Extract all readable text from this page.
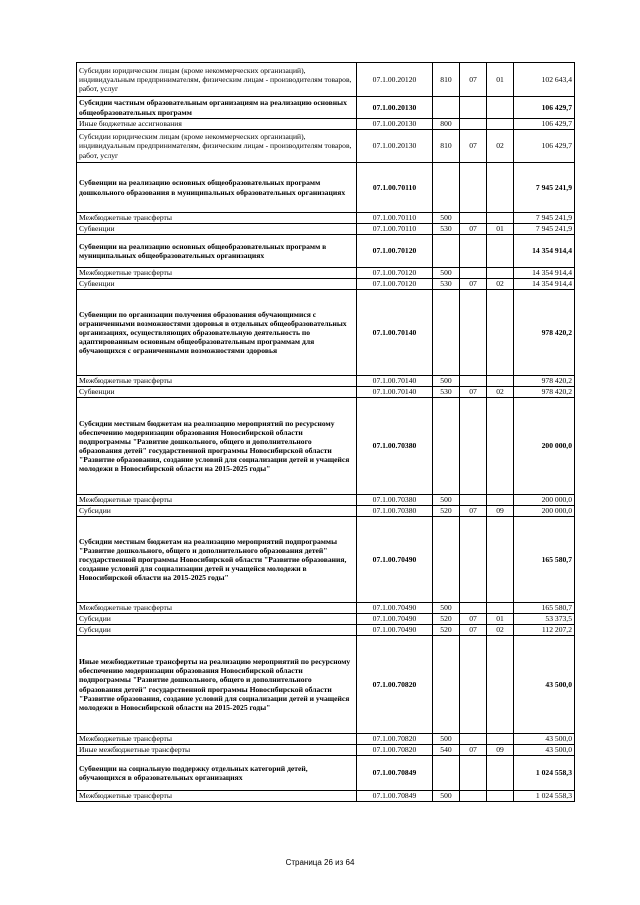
Субсидии юридическим лицам (кроме некоммерческих организаций), индивидуальным предпринимателям, физическим лицам - производителям товаров, работ, услуг	07.1.00.20120	810	07	01	102 643,4
Субсидии частным образовательным организациям на реализацию основных общеобразовательных программ	07.1.00.20130				106 429,7
Иные бюджетные ассигнования	07.1.00.20130	800			106 429,7
Субсидии юридическим лицам (кроме некоммерческих организаций), индивидуальным предпринимателям, физическим лицам - производителям товаров, работ, услуг	07.1.00.20130	810	07	02	106 429,7
Субвенции на реализацию основных общеобразовательных программ дошкольного образования в муниципальных образовательных организациях	07.1.00.70110				7 945 241,9
Межбюджетные трансферты	07.1.00.70110	500			7 945 241,9
Субвенции	07.1.00.70110	530	07	01	7 945 241,9
Субвенции на реализацию основных общеобразовательных программ в муниципальных общеобразовательных организациях	07.1.00.70120				14 354 914,4
Межбюджетные трансферты	07.1.00.70120	500			14 354 914,4
Субвенции	07.1.00.70120	530	07	02	14 354 914,4
Субвенции по организации получения образования обучающимися с ограниченными возможностями здоровья в отдельных общеобразовательных организациях, осуществляющих образовательную деятельность по адаптированным основным общеобразовательным программам для обучающихся с ограниченными возможностями здоровья	07.1.00.70140				978 420,2
Межбюджетные трансферты	07.1.00.70140	500			978 420,2
Субвенции	07.1.00.70140	530	07	02	978 420,2
Субсидии местным бюджетам на реализацию мероприятий по ресурсному обеспечению модернизации образования Новосибирской области подпрограммы "Развитие дошкольного, общего и дополнительного образования детей" государственной программы Новосибирской области "Развитие образования, создание условий для социализации детей и учащейся молодежи в Новосибирской области на 2015-2025 годы"	07.1.00.70380				200 000,0
Межбюджетные трансферты	07.1.00.70380	500			200 000,0
Субсидии	07.1.00.70380	520	07	09	200 000,0
Субсидии местным бюджетам на реализацию мероприятий подпрограммы "Развитие дошкольного, общего и дополнительного образования детей" государственной программы Новосибирской области "Развитие образования, создание условий для социализации детей и учащейся молодежи в Новосибирской области на 2015-2025 годы"	07.1.00.70490				165 580,7
Межбюджетные трансферты	07.1.00.70490	500			165 580,7
Субсидии	07.1.00.70490	520	07	01	53 373,5
Субсидии	07.1.00.70490	520	07	02	112 207,2
Иные межбюджетные трансферты на реализацию мероприятий по ресурсному обеспечению модернизации образования Новосибирской области подпрограммы "Развитие дошкольного, общего и дополнительного образования детей" государственной программы Новосибирской области "Развитие образования, создание условий для социализации детей и учащейся молодежи в Новосибирской области на 2015-2025 годы"	07.1.00.70820				43 500,0
Межбюджетные трансферты	07.1.00.70820	500			43 500,0
Иные межбюджетные трансферты	07.1.00.70820	540	07	09	43 500,0
Субвенции на социальную поддержку отдельных категорий детей, обучающихся в образовательных организациях	07.1.00.70849				1 024 558,3
Межбюджетные трансферты	07.1.00.70849	500			1 024 558,3
Страница 26 из 64
